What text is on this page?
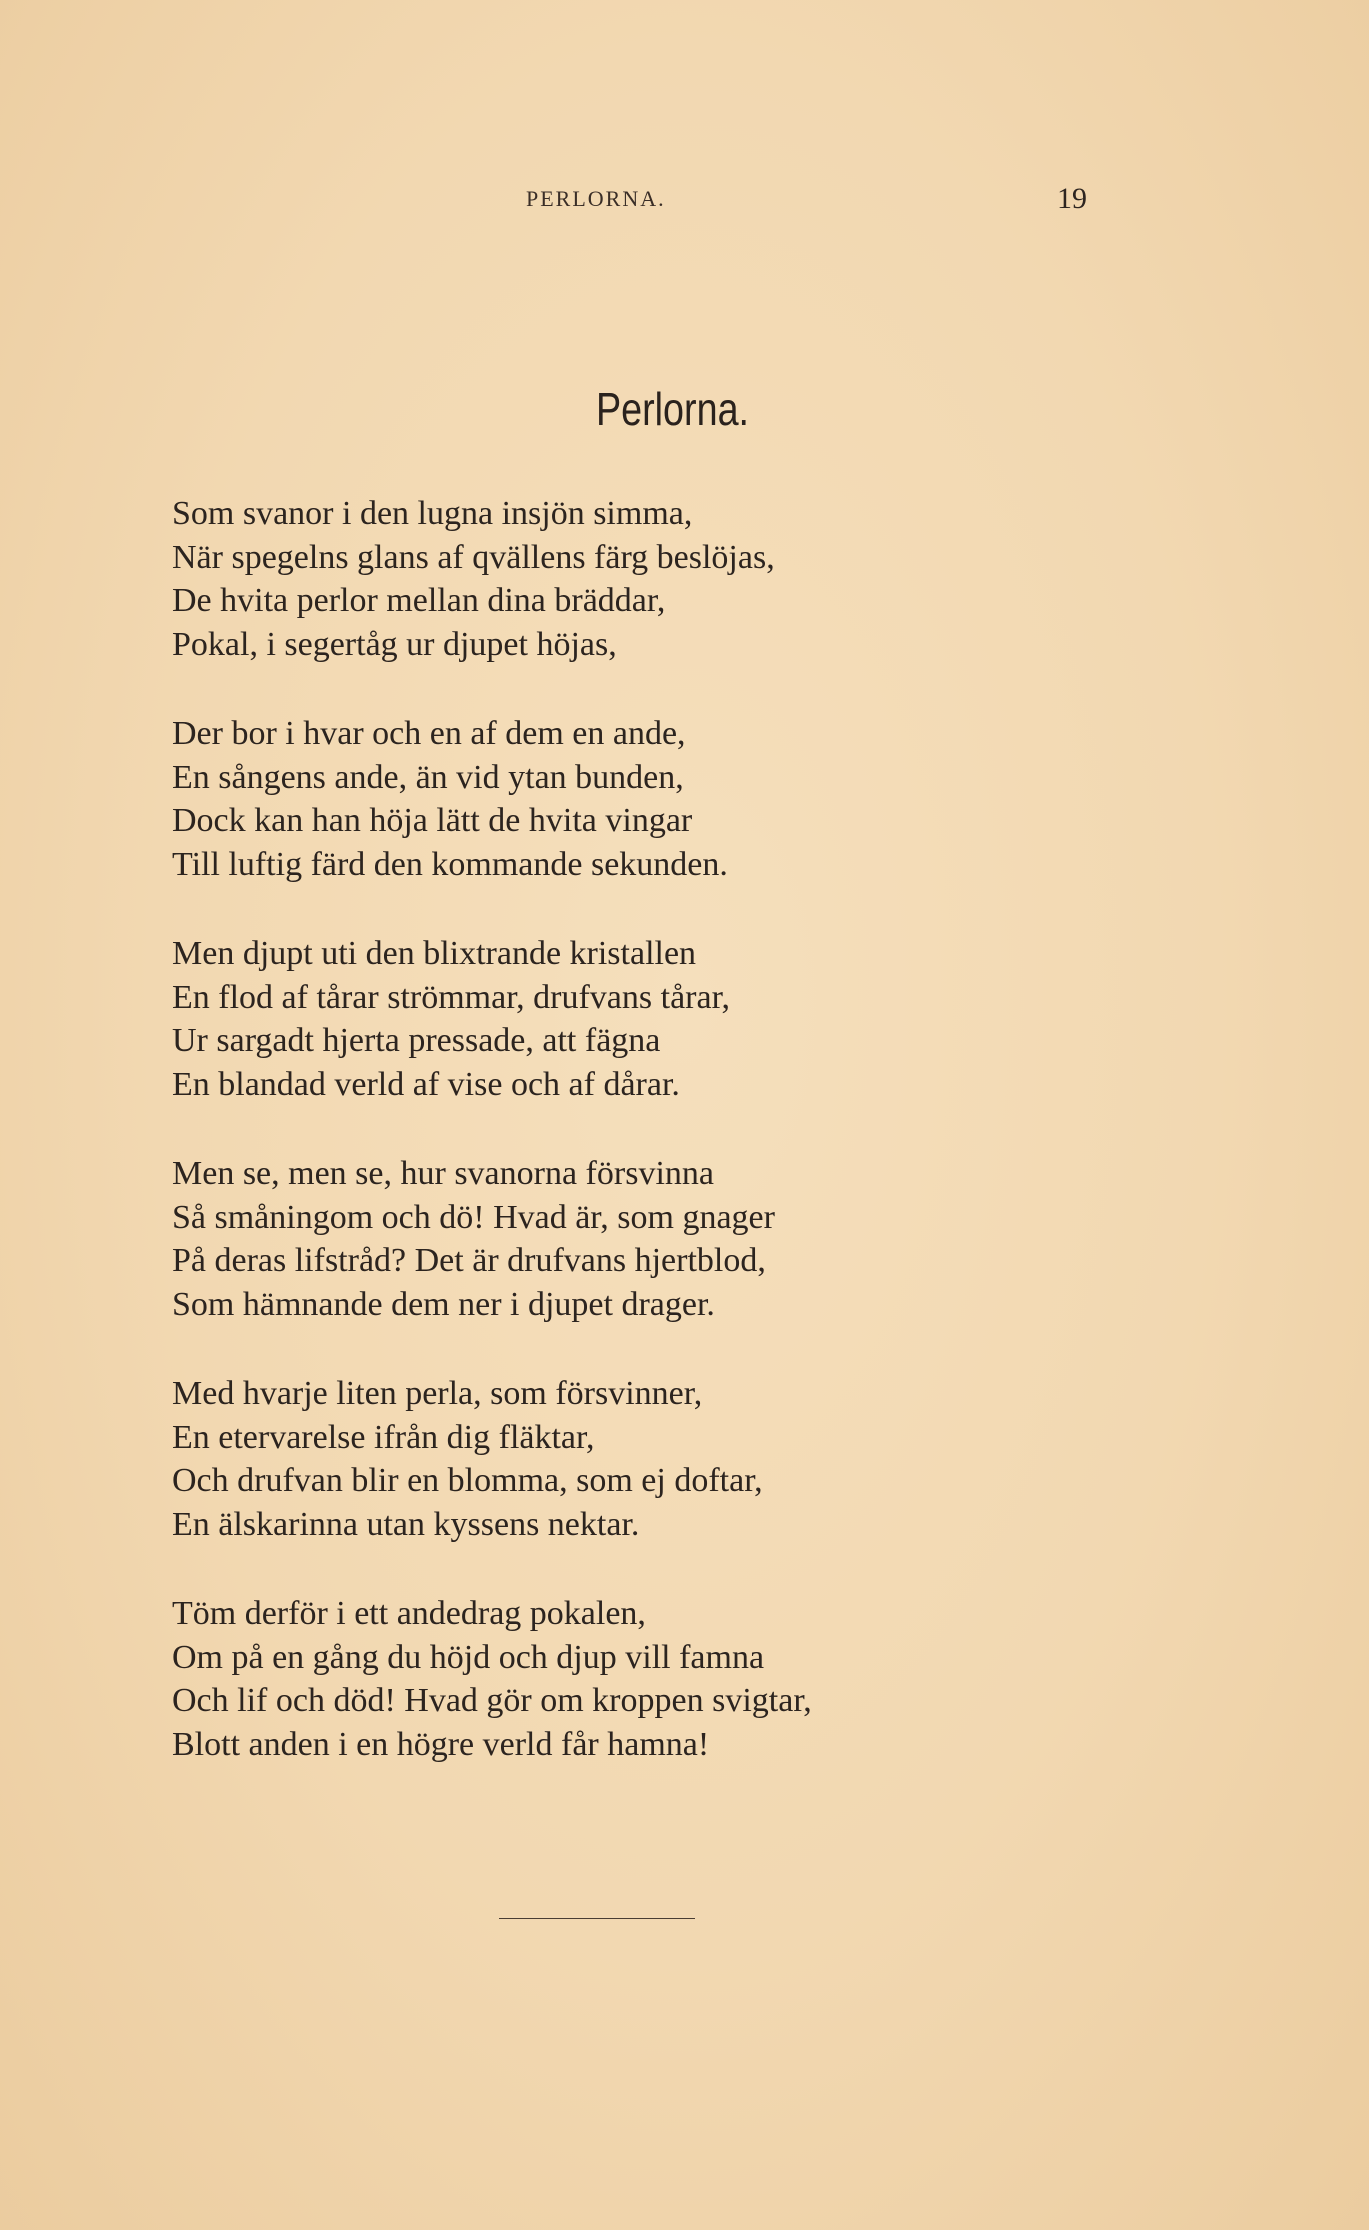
PERLORNA.	19
Perlorna.
Som svanor i den lugna insjön simma,
När spegelns glans af qvällens färg beslöjas,
De hvita perlor mellan dina bräddar,
Pokal, i segertåg ur djupet höjas,
Der bor i hvar och en af dem en ande,
En sångens ande, än vid ytan bunden,
Dock kan han höja lätt de hvita vingar
Till luftig färd den kommande sekunden.
Men djupt uti den blixtrande kristallen
En flod af tårar strömmar, drufvans tårar,
Ur sargadt hjerta pressade, att fägna
En blandad verld af vise och af dårar.
Men se, men se, hur svanorna försvinna
Så småningom och dö! Hvad är, som gnager
På deras lifstråd? Det är drufvans hjertblod,
Som hämnande dem ner i djupet drager.
Med hvarje liten perla, som försvinner,
En etervarelse ifrån dig fläktar,
Och drufvan blir en blomma, som ej doftar,
En älskarinna utan kyssens nektar.
Töm derför i ett andedrag pokalen,
Om på en gång du höjd och djup vill famna
Och lif och död! Hvad gör om kroppen svigtar,
Blott anden i en högre verld får hamna!
